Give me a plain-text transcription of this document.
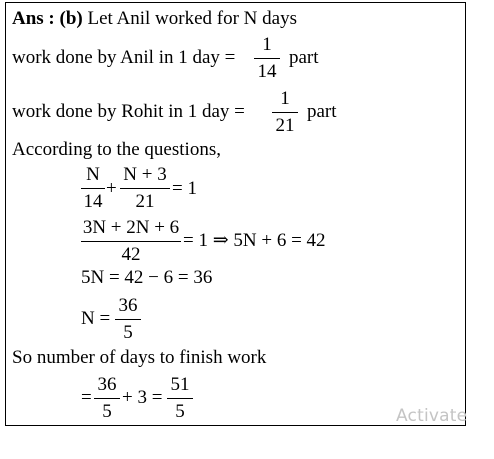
Ans : (b) Let Anil worked for N days
work done by Anil in 1 day =
1
14
part
work done by Rohit in 1 day =
1
21
part
According to the questions,
N
14
+
N + 3
21
= 1
3N + 2N + 6
42
= 1 ⇒ 5N + 6 = 42
5N = 42 − 6 = 36
N =
36
5
So number of days to finish work
=
36
5
+ 3 =
51
5	Activate
